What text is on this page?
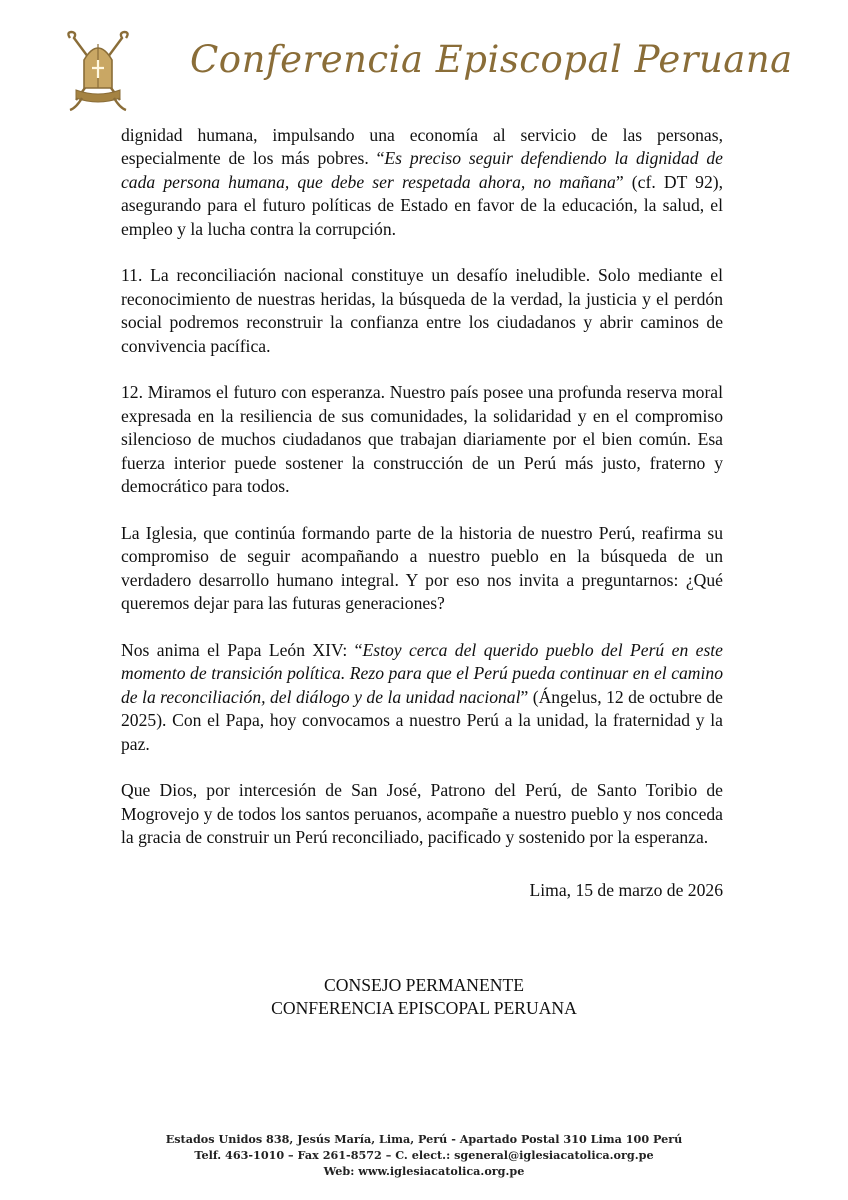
Conferencia Episcopal Peruana

dignidad humana, impulsando una economía al servicio de las personas, especialmente de los más pobres. “Es preciso seguir defendiendo la dignidad de cada persona humana, que debe ser respetada ahora, no mañana” (cf. DT 92), asegurando para el futuro políticas de Estado en favor de la educación, la salud, el empleo y la lucha contra la corrupción.

11. La reconciliación nacional constituye un desafío ineludible. Solo mediante el reconocimiento de nuestras heridas, la búsqueda de la verdad, la justicia y el perdón social podremos reconstruir la confianza entre los ciudadanos y abrir caminos de convivencia pacífica.

12. Miramos el futuro con esperanza. Nuestro país posee una profunda reserva moral expresada en la resiliencia de sus comunidades, la solidaridad y en el compromiso silencioso de muchos ciudadanos que trabajan diariamente por el bien común. Esa fuerza interior puede sostener la construcción de un Perú más justo, fraterno y democrático para todos.

La Iglesia, que continúa formando parte de la historia de nuestro Perú, reafirma su compromiso de seguir acompañando a nuestro pueblo en la búsqueda de un verdadero desarrollo humano integral. Y por eso nos invita a preguntarnos: ¿Qué queremos dejar para las futuras generaciones?

Nos anima el Papa León XIV: “Estoy cerca del querido pueblo del Perú en este momento de transición política. Rezo para que el Perú pueda continuar en el camino de la reconciliación, del diálogo y de la unidad nacional” (Ángelus, 12 de octubre de 2025). Con el Papa, hoy convocamos a nuestro Perú a la unidad, la fraternidad y la paz.

Que Dios, por intercesión de San José, Patrono del Perú, de Santo Toribio de Mogrovejo y de todos los santos peruanos, acompañe a nuestro pueblo y nos conceda la gracia de construir un Perú reconciliado, pacificado y sostenido por la esperanza.

Lima, 15 de marzo de 2026
CONSEJO PERMANENTE
CONFERENCIA EPISCOPAL PERUANA
Estados Unidos 838, Jesús María, Lima, Perú - Apartado Postal 310 Lima 100 Perú
Telf. 463-1010 – Fax 261-8572 – C. elect.: sgeneral@iglesiacatolica.org.pe
Web: www.iglesiacatolica.org.pe
